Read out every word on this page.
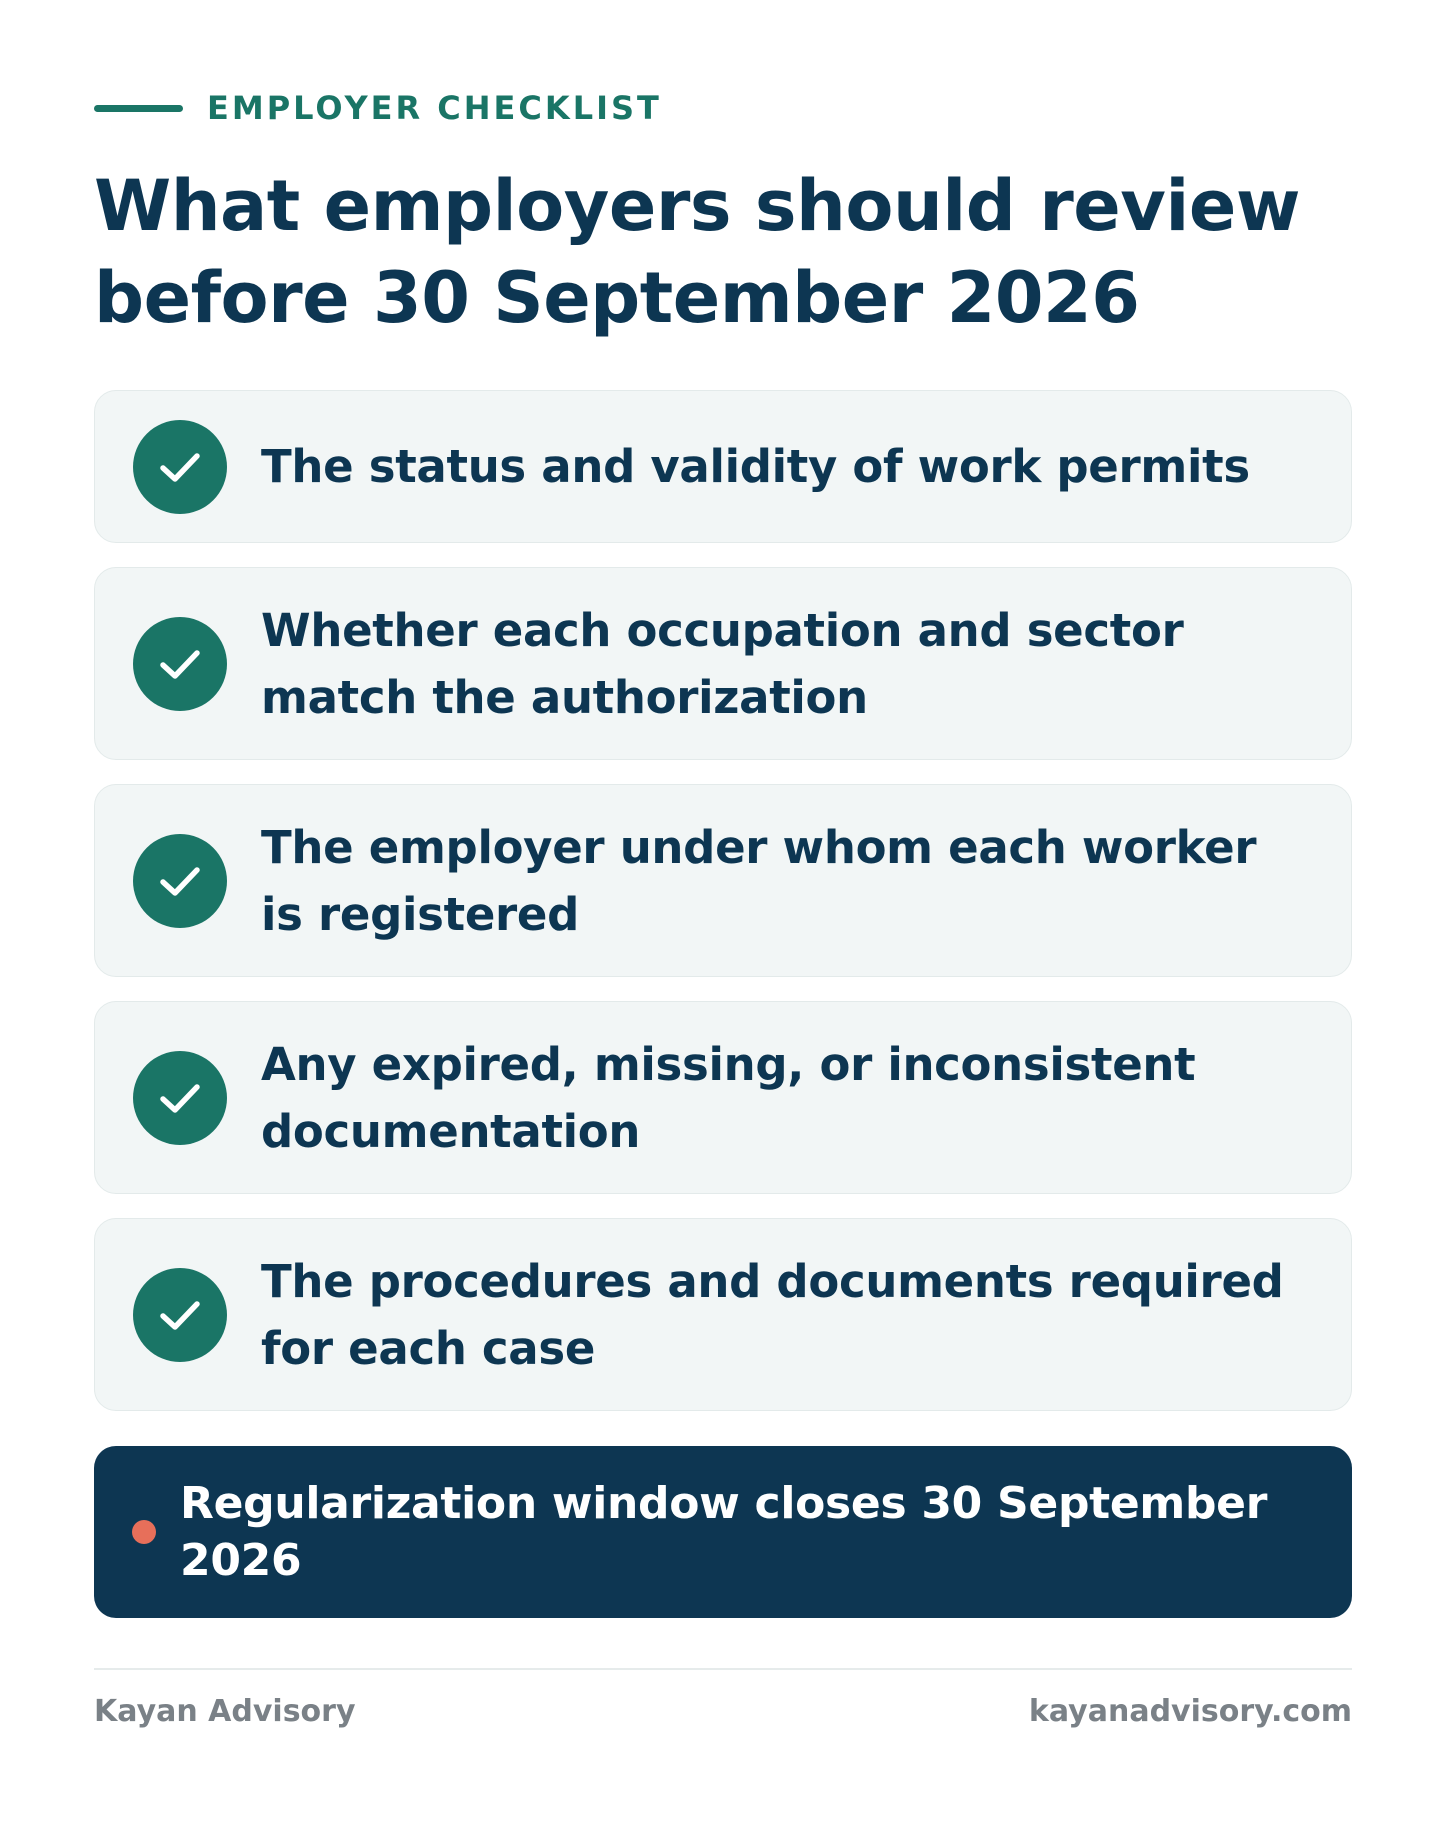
EMPLOYER CHECKLIST
What employers should review
before 30 September 2026
The status and validity of work permits
Whether each occupation and sector
match the authorization
The employer under whom each worker
is registered
Any expired, missing, or inconsistent
documentation
The procedures and documents required
for each case
Regularization window closes 30 September
2026
Kayan Advisory	kayanadvisory.com
